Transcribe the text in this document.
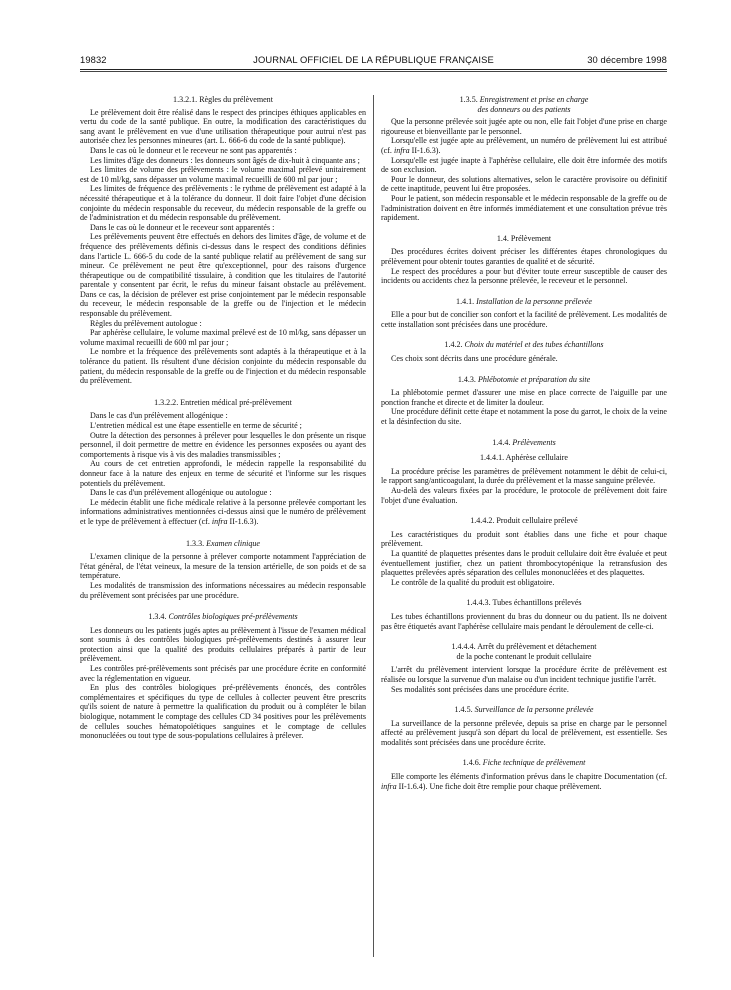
19832	JOURNAL OFFICIEL DE LA RÉPUBLIQUE FRANÇAISE	30 décembre 1998
1.3.2.1. Règles du prélèvement

Le prélèvement doit être réalisé dans le respect des principes éthiques applicables en vertu du code de la santé publique. En outre, la modification des caractéristiques du sang avant le prélèvement en vue d'une utilisation thérapeutique pour autrui n'est pas autorisée chez les personnes mineures (art. L. 666-6 du code de la santé publique).

Dans le cas où le donneur et le receveur ne sont pas apparentés :

Les limites d'âge des donneurs : les donneurs sont âgés de dix-huit à cinquante ans ;

Les limites de volume des prélèvements : le volume maximal prélevé unitairement est de 10 ml/kg, sans dépasser un volume maximal recueilli de 600 ml par jour ;

Les limites de fréquence des prélèvements : le rythme de prélèvement est adapté à la nécessité thérapeutique et à la tolérance du donneur. Il doit faire l'objet d'une décision conjointe du médecin responsable du receveur, du médecin responsable de la greffe ou de l'administration et du médecin responsable du prélèvement.

Dans le cas où le donneur et le receveur sont apparentés :

Les prélèvements peuvent être effectués en dehors des limites d'âge, de volume et de fréquence des prélèvements définis ci-dessus dans le respect des conditions définies dans l'article L. 666-5 du code de la santé publique relatif au prélèvement de sang sur mineur. Ce prélèvement ne peut être qu'exceptionnel, pour des raisons d'urgence thérapeutique ou de compatibilité tissulaire, à condition que les titulaires de l'autorité parentale y consentent par écrit, le refus du mineur faisant obstacle au prélèvement. Dans ce cas, la décision de prélever est prise conjointement par le médecin responsable du receveur, le médecin responsable de la greffe ou de l'injection et le médecin responsable du prélèvement.

Règles du prélèvement autologue :

Par aphérèse cellulaire, le volume maximal prélevé est de 10 ml/kg, sans dépasser un volume maximal recueilli de 600 ml par jour ;

Le nombre et la fréquence des prélèvements sont adaptés à la thérapeutique et à la tolérance du patient. Ils résultent d'une décision conjointe du médecin responsable du patient, du médecin responsable de la greffe ou de l'injection et du médecin responsable du prélèvement.

1.3.2.2. Entretien médical pré-prélèvement

Dans le cas d'un prélèvement allogénique :

L'entretien médical est une étape essentielle en terme de sécurité ;

Outre la détection des personnes à prélever pour lesquelles le don présente un risque personnel, il doit permettre de mettre en évidence les personnes exposées ou ayant des comportements à risque vis à vis des maladies transmissibles ;

Au cours de cet entretien approfondi, le médecin rappelle la responsabilité du donneur face à la nature des enjeux en terme de sécurité et l'informe sur les risques potentiels du prélèvement.

Dans le cas d'un prélèvement allogénique ou autologue :

Le médecin établit une fiche médicale relative à la personne prélevée comportant les informations administratives mentionnées ci-dessus ainsi que le numéro de prélèvement et le type de prélèvement à effectuer (cf. infra II-1.6.3).

1.3.3. Examen clinique

L'examen clinique de la personne à prélever comporte notamment l'appréciation de l'état général, de l'état veineux, la mesure de la tension artérielle, de son poids et de sa température.

Les modalités de transmission des informations nécessaires au médecin responsable du prélèvement sont précisées par une procédure.

1.3.4. Contrôles biologiques pré-prélèvements

Les donneurs ou les patients jugés aptes au prélèvement à l'issue de l'examen médical sont soumis à des contrôles biologiques pré-prélèvements destinés à assurer leur protection ainsi que la qualité des produits cellulaires préparés à partir de leur prélèvement.

Les contrôles pré-prélèvements sont précisés par une procédure écrite en conformité avec la réglementation en vigueur.

En plus des contrôles biologiques pré-prélèvements énoncés, des contrôles complémentaires et spécifiques du type de cellules à collecter peuvent être prescrits qu'ils soient de nature à permettre la qualification du produit ou à compléter le bilan biologique, notamment le comptage des cellules CD 34 positives pour les prélèvements de cellules souches hématopoïétiques sanguines et le comptage de cellules mononucléées ou tout type de sous-populations cellulaires à prélever.

1.3.5. Enregistrement et prise en charge
des donneurs ou des patients

Que la personne prélevée soit jugée apte ou non, elle fait l'objet d'une prise en charge rigoureuse et bienveillante par le personnel.

Lorsqu'elle est jugée apte au prélèvement, un numéro de prélèvement lui est attribué (cf. infra II-1.6.3).

Lorsqu'elle est jugée inapte à l'aphérèse cellulaire, elle doit être informée des motifs de son exclusion.

Pour le donneur, des solutions alternatives, selon le caractère provisoire ou définitif de cette inaptitude, peuvent lui être proposées.

Pour le patient, son médecin responsable et le médecin responsable de la greffe ou de l'administration doivent en être informés immédiatement et une consultation prévue très rapidement.

1.4. Prélèvement

Des procédures écrites doivent préciser les différentes étapes chronologiques du prélèvement pour obtenir toutes garanties de qualité et de sécurité.

Le respect des procédures a pour but d'éviter toute erreur susceptible de causer des incidents ou accidents chez la personne prélevée, le receveur et le personnel.

1.4.1. Installation de la personne prélevée

Elle a pour but de concilier son confort et la facilité de prélèvement. Les modalités de cette installation sont précisées dans une procédure.

1.4.2. Choix du matériel et des tubes échantillons

Ces choix sont décrits dans une procédure générale.

1.4.3. Phlébotomie et préparation du site

La phlébotomie permet d'assurer une mise en place correcte de l'aiguille par une ponction franche et directe et de limiter la douleur.

Une procédure définit cette étape et notamment la pose du garrot, le choix de la veine et la désinfection du site.

1.4.4. Prélèvements
1.4.4.1. Aphérèse cellulaire

La procédure précise les paramètres de prélèvement notamment le débit de celui-ci, le rapport sang/anticoagulant, la durée du prélèvement et la masse sanguine prélevée.

Au-delà des valeurs fixées par la procédure, le protocole de prélèvement doit faire l'objet d'une évaluation.

1.4.4.2. Produit cellulaire prélevé

Les caractéristiques du produit sont établies dans une fiche et pour chaque prélèvement.

La quantité de plaquettes présentes dans le produit cellulaire doit être évaluée et peut éventuellement justifier, chez un patient thrombocytopénique la retransfusion des plaquettes prélevées après séparation des cellules mononucléées et des plaquettes.

Le contrôle de la qualité du produit est obligatoire.

1.4.4.3. Tubes échantillons prélevés

Les tubes échantillons proviennent du bras du donneur ou du patient. Ils ne doivent pas être étiquetés avant l'aphérèse cellulaire mais pendant le déroulement de celle-ci.

1.4.4.4. Arrêt du prélèvement et détachement
de la poche contenant le produit cellulaire

L'arrêt du prélèvement intervient lorsque la procédure écrite de prélèvement est réalisée ou lorsque la survenue d'un malaise ou d'un incident technique justifie l'arrêt.

Ses modalités sont précisées dans une procédure écrite.

1.4.5. Surveillance de la personne prélevée

La surveillance de la personne prélevée, depuis sa prise en charge par le personnel affecté au prélèvement jusqu'à son départ du local de prélèvement, est essentielle. Ses modalités sont précisées dans une procédure écrite.

1.4.6. Fiche technique de prélèvement

Elle comporte les éléments d'information prévus dans le chapitre Documentation (cf. infra II-1.6.4). Une fiche doit être remplie pour chaque prélèvement.
